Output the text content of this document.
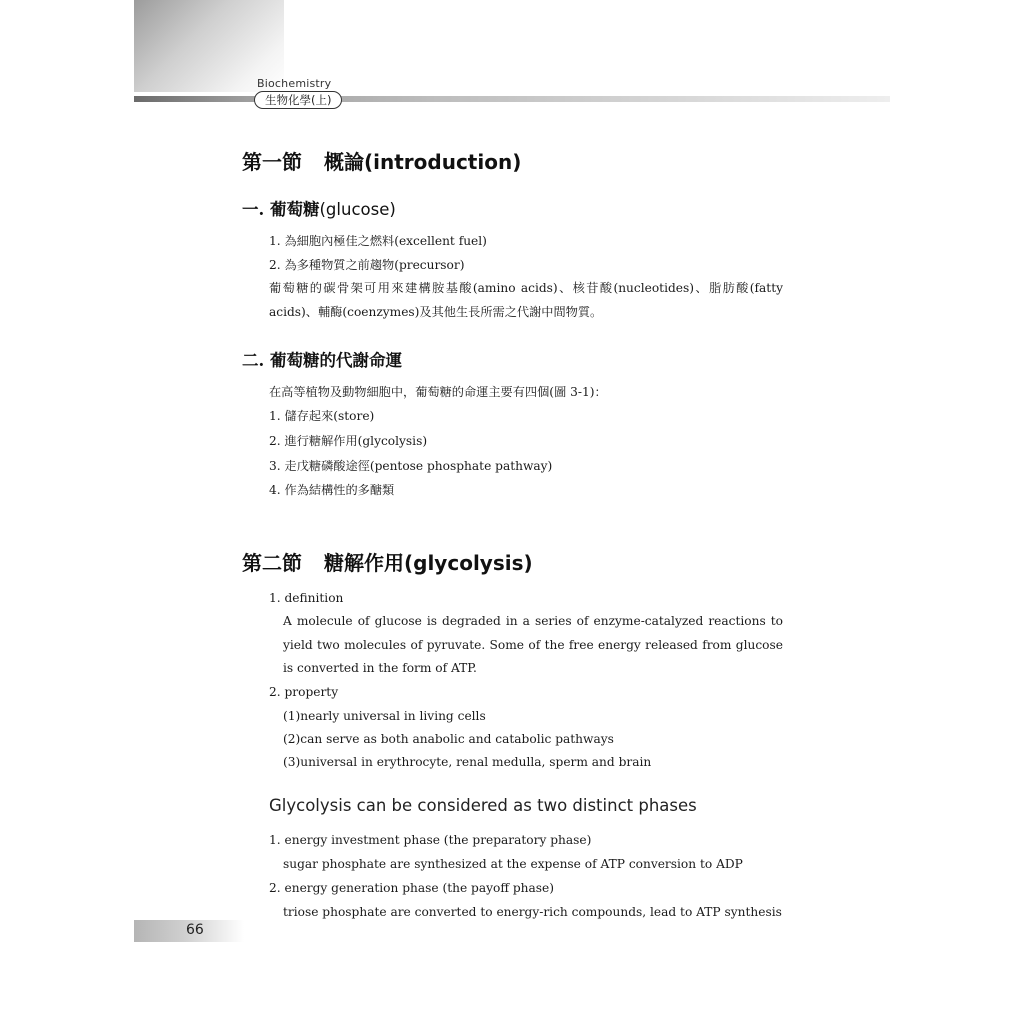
Biochemistry
生物化學(上)
第一節 概論(introduction)
一. 葡萄糖(glucose)
1. 為細胞內極佳之燃料(excellent fuel)
2. 為多種物質之前趨物(precursor)
葡萄糖的碳骨架可用來建構胺基酸(amino acids)、核苷酸(nucleotides)、脂肪酸(fatty acids)、輔酶(coenzymes)及其他生長所需之代謝中間物質。
二. 葡萄糖的代謝命運
在高等植物及動物細胞中，葡萄糖的命運主要有四個(圖 3-1)：
1. 儲存起來(store)
2. 進行糖解作用(glycolysis)
3. 走戊糖磷酸途徑(pentose phosphate pathway)
4. 作為結構性的多醣類
第二節 糖解作用(glycolysis)
1. definition
A molecule of glucose is degraded in a series of enzyme-catalyzed reactions to yield two molecules of pyruvate. Some of the free energy released from glucose is converted in the form of ATP.
2. property
(1)nearly universal in living cells
(2)can serve as both anabolic and catabolic pathways
(3)universal in erythrocyte, renal medulla, sperm and brain
Glycolysis can be considered as two distinct phases
1. energy investment phase (the preparatory phase)
sugar phosphate are synthesized at the expense of ATP conversion to ADP
2. energy generation phase (the payoff phase)
triose phosphate are converted to energy-rich compounds, lead to ATP synthesis
66
